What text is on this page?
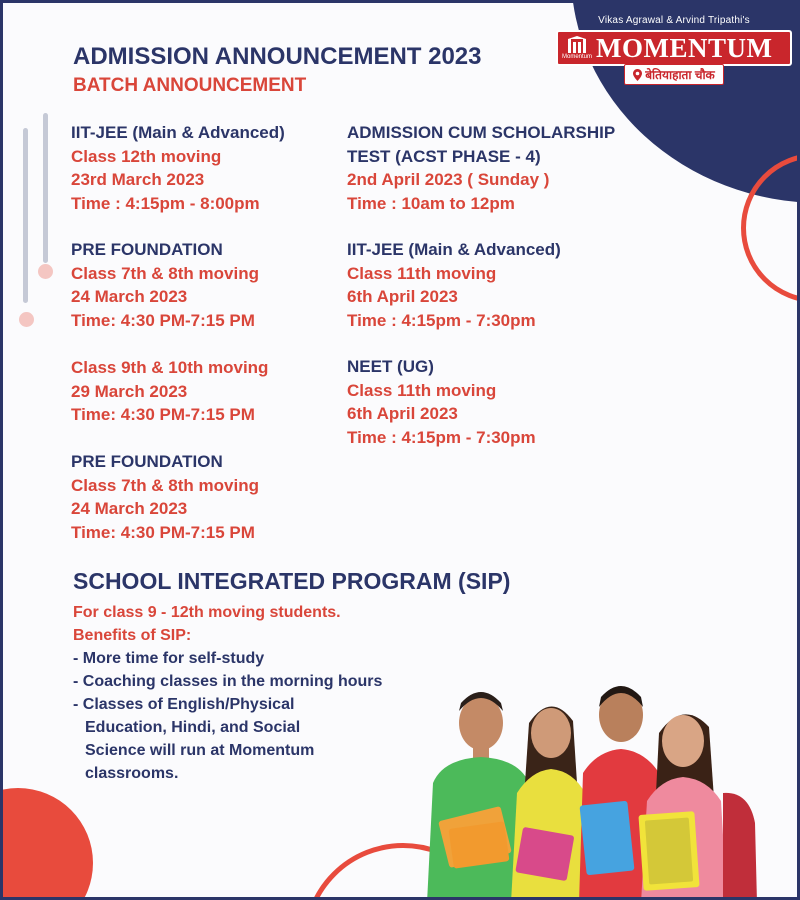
Vikas Agrawal & Arvind Tripathi's
Momentum MOMENTUM
बेतियाहाता चौक
ADMISSION ANNOUNCEMENT 2023
BATCH ANNOUNCEMENT
IIT-JEE (Main & Advanced)
Class 12th moving
23rd March 2023
Time : 4:15pm - 8:00pm
PRE FOUNDATION
Class 7th & 8th moving
24 March 2023
Time: 4:30 PM-7:15 PM
Class 9th & 10th moving
29 March 2023
Time: 4:30 PM-7:15 PM
PRE FOUNDATION
Class 7th & 8th moving
24 March 2023
Time: 4:30 PM-7:15 PM
ADMISSION CUM SCHOLARSHIP
TEST (ACST PHASE - 4)
2nd April 2023 ( Sunday )
Time : 10am to 12pm
IIT-JEE (Main & Advanced)
Class 11th moving
6th April 2023
Time : 4:15pm - 7:30pm
NEET (UG)
Class 11th moving
6th April 2023
Time : 4:15pm - 7:30pm
SCHOOL INTEGRATED PROGRAM (SIP)
For class 9 - 12th moving students.
Benefits of SIP:
- More time for self-study
- Coaching classes in the morning hours
- Classes of English/Physical
Education, Hindi, and Social
Science will run at Momentum
classrooms.
